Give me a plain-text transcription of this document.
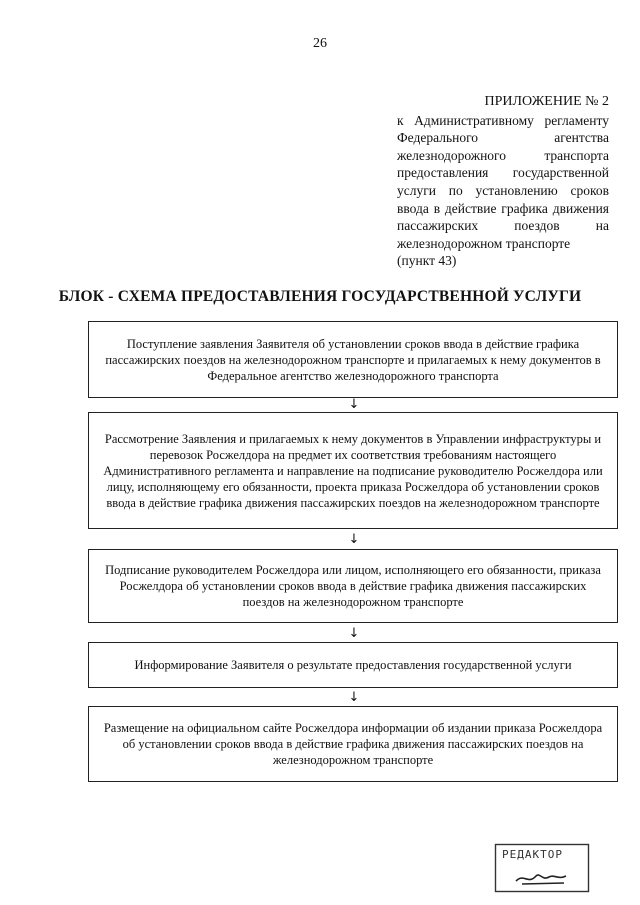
26
ПРИЛОЖЕНИЕ № 2
к Административному регламенту Федерального агентства железнодорожного транспорта предоставления государственной услуги по установлению сроков ввода в действие графика движения пассажирских поездов на железнодорожном транспорте
(пункт 43)
БЛОК - СХЕМА ПРЕДОСТАВЛЕНИЯ ГОСУДАРСТВЕННОЙ УСЛУГИ
Поступление заявления Заявителя об установлении сроков ввода в действие графика пассажирских поездов на железнодорожном транспорте и прилагаемых к нему документов в Федеральное агентство железнодорожного транспорта
↓
Рассмотрение Заявления и прилагаемых к нему документов в Управлении инфраструктуры и перевозок Росжелдора на предмет их соответствия требованиям настоящего Административного регламента и направление на подписание руководителю Росжелдора или лицу, исполняющему его обязанности, проекта приказа Росжелдора об установлении сроков ввода в действие графика движения пассажирских поездов на железнодорожном транспорте
↓
Подписание руководителем Росжелдора или лицом, исполняющего его обязанности, приказа Росжелдора об установлении сроков ввода в действие графика движения пассажирских поездов на железнодорожном транспорте
↓
Информирование Заявителя о результате предоставления государственной услуги
↓
Размещение на официальном сайте Росжелдора информации об издании приказа Росжелдора об установлении сроков ввода в действие графика движения пассажирских поездов на железнодорожном транспорте
РЕДАКТОР
